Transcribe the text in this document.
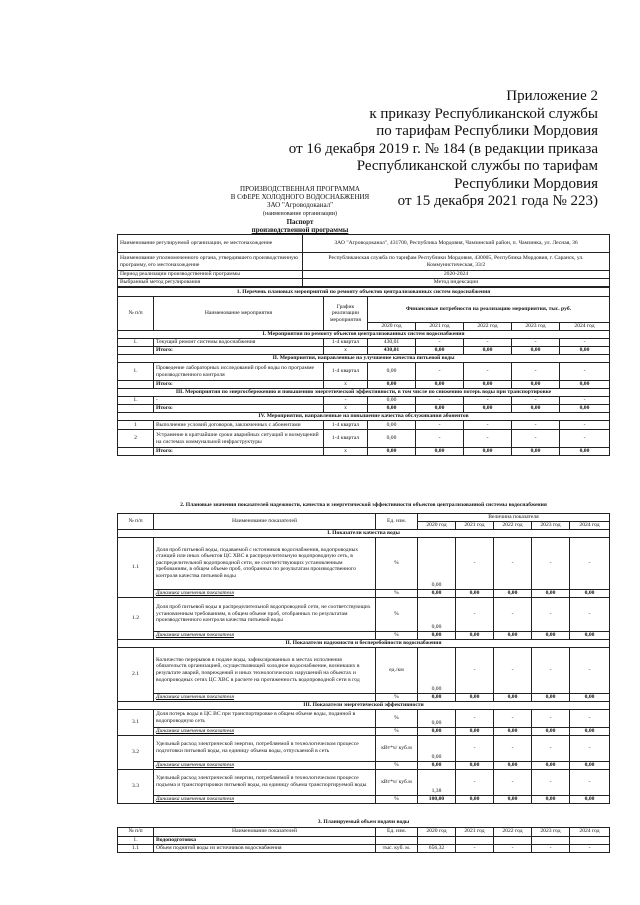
Приложение 2
к приказу Республиканской службы
по тарифам Республики Мордовия
от 16 декабря 2019 г. № 184 (в редакции приказа
Республиканской службы по тарифам
Республики Мордовия
от 15 декабря 2021 года № 223)
ПРОИЗВОДСТВЕННАЯ ПРОГРАММА
В СФЕРЕ ХОЛОДНОГО ВОДОСНАБЖЕНИЯ
ЗАО "Агроводоканал"
(наименование организации)
Паспорт
производственной программы
Наименование регулируемой организации, ее местонахождение	ЗАО "Агроводоканал", 431700, Республика Мордовия, Чамзинский район, п. Чамзинка, ул. Лесная, 36
Наименование уполномоченного органа, утвердившего производственную программу, его местонахождение	Республиканская служба по тарифам Республики Мордовия, 430005, Республика Мордовия, г. Саранск, ул. Коммунистическая, 33/2
Период реализации производственной программы	2020-2024
Выбранный метод регулирования	Метод индексации
1. Перечень плановых мероприятий по ремонту объектов централизованных систем водоснабжения							
№ п/п	Наименование мероприятия	График реализации мероприятия	Финансовые потребности на реализацию мероприятия, тыс. руб.				
			2020 год	2021 год	2022 год	2023 год	2024 год
I. Мероприятия по ремонту объектов централизованных систем водоснабжения							
1.	Текущий ремонт системы водоснабжения	1-4 квартал	430,01	-	-	-	-
	Итого:	х	430,01	0,00	0,00	0,00	0,00
II. Мероприятия, направленные на улучшение качества питьевой воды							
1.	Проведение лабораторных исследований проб воды по программе производственного контроля	1-4 квартал	0,00	-	-	-	-
	Итого:	х	0,00	0,00	0,00	0,00	0,00
III. Мероприятия по энергосбережению и повышению энергетической эффективности, в том числе по снижению потерь воды при транспортировке							
1.	-	-	0,00	-	-	-	-
	Итого:	х	0,00	0,00	0,00	0,00	0,00
IV. Мероприятия, направленные на повышение качества обслуживания абонентов							
1	Выполнение условий договоров, заключенных с абонентами	1-4 квартал	0,00	-	-	-	-
2	Устранение в кратчайшие сроки аварийных ситуаций и возмущений на системах коммунальной инфраструктуры	1-4 квартал	0,00	-	-	-	-
	Итого:	х	0,00	0,00	0,00	0,00	0,00
2. Плановые значения показателей надежности, качества и энергетической эффективности объектов централизованной системы водоснабжения							
№ п/п	Наименование показателей	Ед. изм.	Величина показателя				
			2020 год	2021 год	2022 год	2023 год	2024 год
I. Показатели качества воды							
1.1	Доля проб питьевой воды, подаваемой с источников водоснабжения, водопроводных станций или иных объектов ЦС ХВС в распределительную водопроводную сеть, в распределительной водопроводной сети, не соответствующих установленным требованиям, в общем объеме проб, отобранных по результатам производственного контроля качества питьевой воды	%	0,00	-	-	-	-
	Динамика изменения показателя	%	0,00	0,00	0,00	0,00	0,00
1.2	Доля проб питьевой воды в распределительной водопроводной сети, не соответствующих установленным требованиям, в общем объеме проб, отобранных по результатам производственного контроля качества питьевой воды	%	0,00	-	-	-	-
	Динамика изменения показателя	%	0,00	0,00	0,00	0,00	0,00
II. Показатели надежности и бесперебойности водоснабжения							
2.1	Количество перерывов в подаче воды, зафиксированных в местах исполнения обязательств организацией, осуществляющей холодное водоснабжение, возникших в результате аварий, повреждений и иных технологических нарушений на объектах и водопроводных сетях ЦС ХВС в расчете на протяженность водопроводной сети в год	ед./км	0,00	-	-	-	-
	Динамика изменения показателя	%	0,00	0,00	0,00	0,00	0,00
III. Показатели энергетической эффективности							
3.1	Доля потерь воды в ЦС ВС при транспортировке в общем объеме воды, поданной в водопроводную сеть	%	0,00	-	-	-	-
	Динамика изменения показателя	%	0,00	0,00	0,00	0,00	0,00
3.2	Удельный расход электрической энергии, потребляемой в технологическом процессе подготовки питьевой воды, на единицу объема воды, отпускаемой в сеть	кВт*ч/ куб.м	0,00	-	-	-	-
	Динамика изменения показателя	%	0,00	0,00	0,00	0,00	0,00
3.3	Удельный расход электрической энергии, потребляемой в технологическом процессе подъема и транспортировки питьевой воды, на единицу объема транспортируемой воды	кВт*ч/ куб.м	1,38	-	-	-	-
	Динамика изменения показателя	%	100,00	0,00	0,00	0,00	0,00
3. Планируемый объем подачи воды							
№ п/п	Наименование показателей	Ед. изм.	2020 год	2021 год	2022 год	2023 год	2024 год
1.	Водоподготовка						
1.1	Объем поднятой воды из источников водоснабжения	тыс. куб. м.	656,32	-	-	-	-
